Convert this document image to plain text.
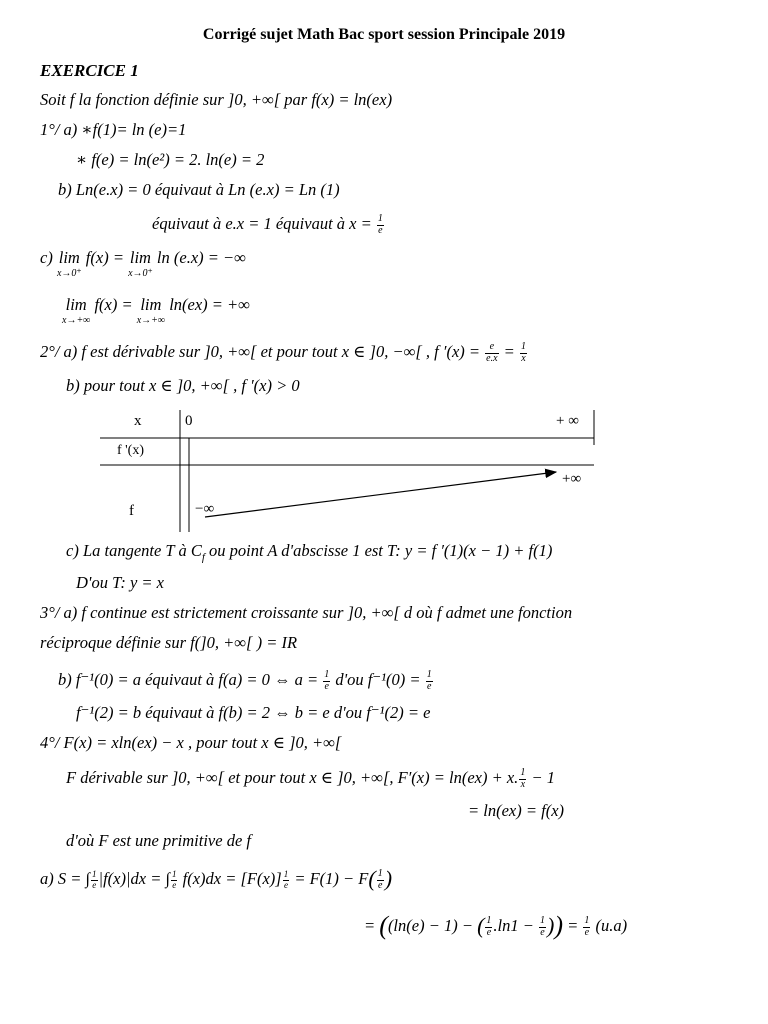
Corrigé sujet Math Bac sport session Principale 2019
EXERCICE 1
Soit f la fonction définie sur ]0, +∞[ par f(x) = ln(ex)
1°/ a) ∗f(1)= ln (e)=1
∗ f(e) = ln(e²) = 2. ln(e) = 2
b) Ln(e.x) = 0 équivaut à Ln (e.x) = Ln (1)
équivaut à e.x = 1 équivaut à $x = \frac{1}{e}$
c) lim
x→0⁺
f(x) = lim
x→0⁺
ln (e.x) = −∞
lim
x→+∞
f(x) = lim
x→+∞
ln(ex) = +∞
2°/ a) f est dérivable sur ]0, +∞[ et pour tout x ∈ ]0, −∞[ , f $'(x) = \frac{e}{e.x} = \frac{1}{x}$
b) pour tout x ∈ ]0, +∞[ , f ′(x) > 0
x
f '(x)
f
0	+ ∞
−∞
+∞
c) La tangente T à $C_f$ ou point A d'abscisse 1 est T: y = f ′(1)(x − 1) + f(1)
D'ou T: y = x
3°/ a) f continue est strictement croissante sur ]0, +∞[ d où f admet une fonction
réciproque définie sur f(]0, +∞[ ) = IR
b) f⁻¹(0) = a équivaut à f(a) = 0 ⇔ $a = \frac{1}{e} d'ou$ $f^{-1}(0) = \frac{1}{e}$
f⁻¹(2) = b équivaut à f(b) = 2 ⇔ b = e d'ou f⁻¹(2) = e
4°/ F(x) = xln(ex) − x , pour tout x ∈ ]0, +∞[
F dérivable sur ]0, +∞[ et pour tout x ∈ ]0, +∞[, F′(x) = ln(ex) + x. $\frac{1}{x} - 1$
= ln(ex) = f(x)
d'où F est une primitive de f
a) S = ∫ $\frac{1}{e} |f(x)|dx$ = ∫ $\frac{1}{e} f(x)dx = [F(x)] \frac{1}{e} = F(1) - F( \frac{1}{e}$ )
= ((ln(e) − 1) − ( $\frac{1}{e} .\ln 1 - \frac{1}{e}$ )) = $\frac{1}{e} (u.a)$
